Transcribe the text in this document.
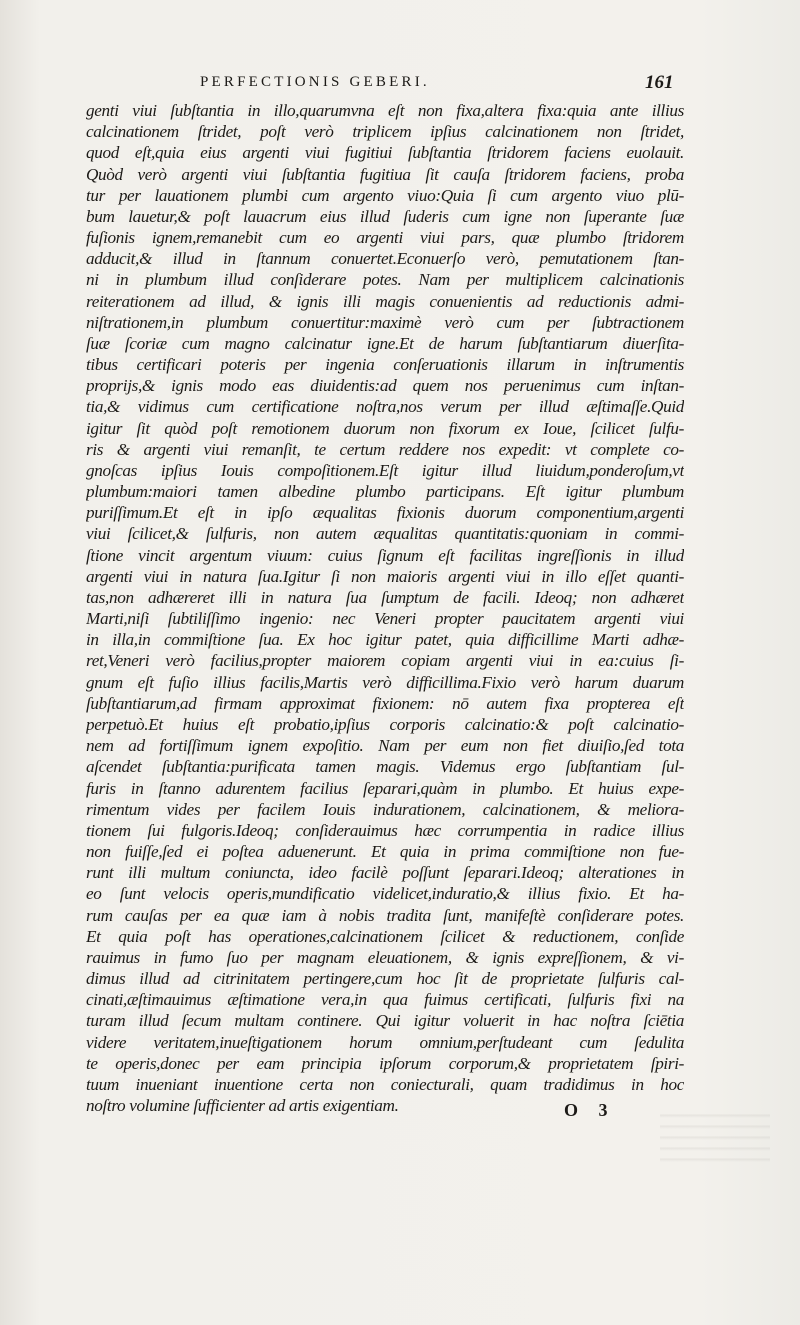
PERFECTIONIS GEBERI.	161
genti viui ſubſtantia in illo,quarumvna eſt non fixa,altera fixa:quia ante illius
calcinationem ſtridet, poſt verò triplicem ipſius calcinationem non ſtridet,
quod eſt,quia eius argenti viui fugitiui ſubſtantia ſtridorem faciens euolauit.
Quòd verò argenti viui ſubſtantia fugitiua ſit cauſa ſtridorem faciens, proba
tur per lauationem plumbi cum argento viuo:Quia ſi cum argento viuo plū-
bum lauetur,& poſt lauacrum eius illud ſuderis cum igne non ſuperante ſuæ
fuſionis ignem,remanebit cum eo argenti viui pars, quæ plumbo ſtridorem
adducit,& illud in ſtannum conuertet.Econuerſo verò, pemutationem ſtan-
ni in plumbum illud conſiderare potes. Nam per multiplicem calcinationis
reiterationem ad illud, & ignis illi magis conuenientis ad reductionis admi-
niſtrationem,in plumbum conuertitur:maximè verò cum per ſubtractionem
ſuæ ſcoriæ cum magno calcinatur igne.Et de harum ſubſtantiarum diuerſita-
tibus certificari poteris per ingenia conſeruationis illarum in inſtrumentis
proprijs,& ignis modo eas diuidentis:ad quem nos peruenimus cum inſtan-
tia,& vidimus cum certificatione noſtra,nos verum per illud æſtimaſſe.Quid
igitur ſit quòd poſt remotionem duorum non fixorum ex Ioue, ſcilicet ſulfu-
ris & argenti viui remanſit, te certum reddere nos expedit: vt complete co-
gnoſcas ipſius Iouis compoſitionem.Eſt igitur illud liuidum,ponderoſum,vt
plumbum:maiori tamen albedine plumbo participans. Eſt igitur plumbum
puriſſimum.Et eſt in ipſo æqualitas fixionis duorum componentium,argenti
viui ſcilicet,& ſulfuris, non autem æqualitas quantitatis:quoniam in commi-
ſtione vincit argentum viuum: cuius ſignum eſt facilitas ingreſſionis in illud
argenti viui in natura ſua.Igitur ſi non maioris argenti viui in illo eſſet quanti-
tas,non adhæreret illi in natura ſua ſumptum de facili. Ideoq; non adhæret
Marti,niſi ſubtiliſſimo ingenio: nec Veneri propter paucitatem argenti viui
in illa,in commiſtione ſua. Ex hoc igitur patet, quia difficillime Marti adhæ-
ret,Veneri verò facilius,propter maiorem copiam argenti viui in ea:cuius ſi-
gnum eſt fuſio illius facilis,Martis verò difficillima.Fixio verò harum duarum
ſubſtantiarum,ad firmam approximat fixionem: nō autem fixa propterea eſt
perpetuò.Et huius eſt probatio,ipſius corporis calcinatio:& poſt calcinatio-
nem ad fortiſſimum ignem expoſitio. Nam per eum non fiet diuiſio,ſed tota
aſcendet ſubſtantia:purificata tamen magis. Videmus ergo ſubſtantiam ſul-
furis in ſtanno adurentem facilius ſeparari,quàm in plumbo. Et huius expe-
rimentum vides per facilem Iouis indurationem, calcinationem, & meliora-
tionem ſui fulgoris.Ideoq; conſiderauimus hæc corrumpentia in radice illius
non fuiſſe,ſed ei poſtea aduenerunt. Et quia in prima commiſtione non fue-
runt illi multum coniuncta, ideo facilè poſſunt ſeparari.Ideoq; alterationes in
eo ſunt velocis operis,mundificatio videlicet,induratio,& illius fixio. Et ha-
rum cauſas per ea quæ iam à nobis tradita ſunt, manifeſtè conſiderare potes.
Et quia poſt has operationes,calcinationem ſcilicet & reductionem, conſide
rauimus in fumo ſuo per magnam eleuationem, & ignis expreſſionem, & vi-
dimus illud ad citrinitatem pertingere,cum hoc ſit de proprietate ſulfuris cal-
cinati,æſtimauimus æſtimatione vera,in qua fuimus certificati, ſulfuris fixi na
turam illud ſecum multam continere. Qui igitur voluerit in hac noſtra ſciētia
videre veritatem,inueſtigationem horum omnium,perſtudeant cum ſedulita
te operis,donec per eam principia ipſorum corporum,& proprietatem ſpiri-
tuum inueniant inuentione certa non coniecturali, quam tradidimus in hoc
noſtro volumine ſufficienter ad artis exigentiam.	O 3
